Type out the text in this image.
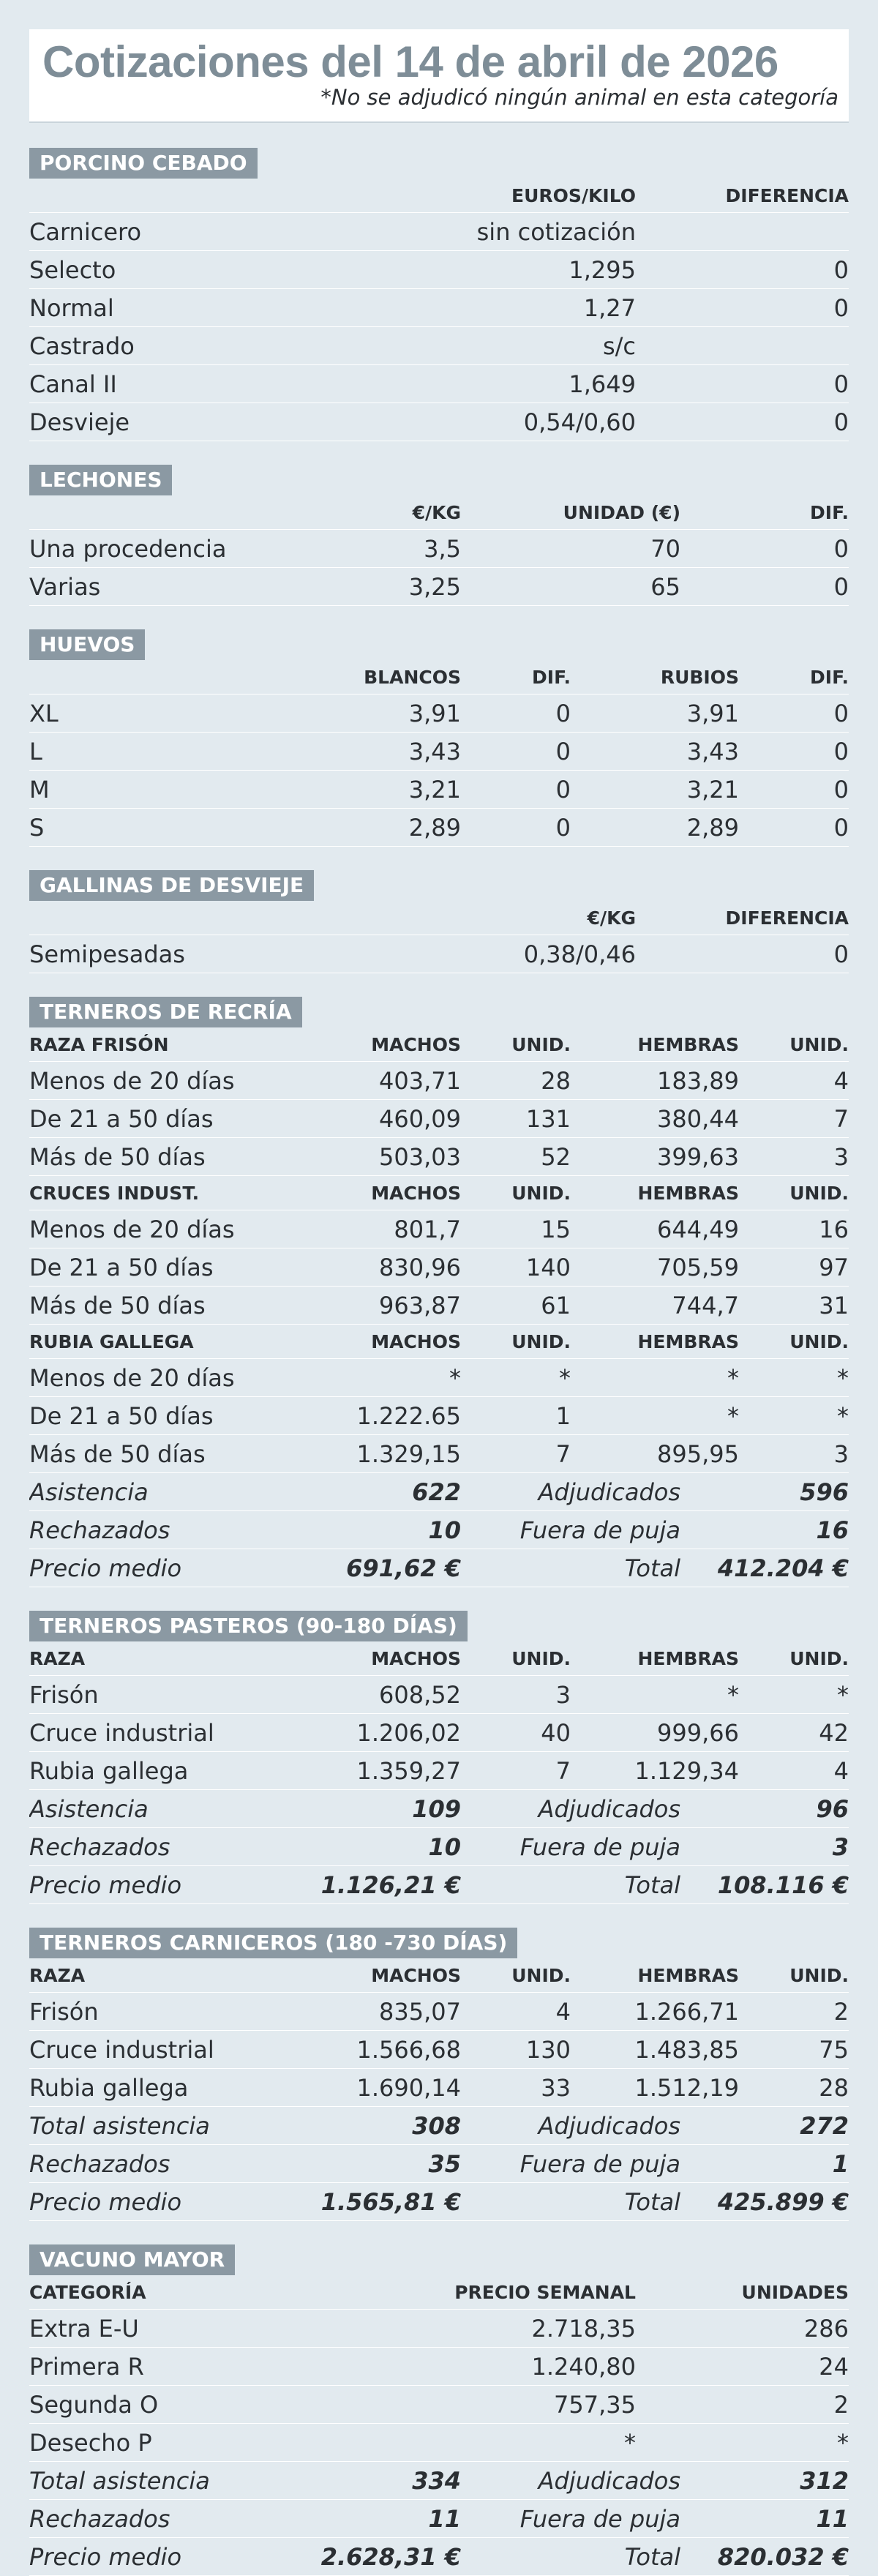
Cotizaciones del 14 de abril de 2026
*No se adjudicó ningún animal en esta categoría
PORCINO CEBADO
EUROS/KILO	DIFERENCIA
Carnicero	sin cotización
Selecto	1,295	0
Normal	1,27	0
Castrado	s/c
Canal II	1,649	0
Desvieje	0,54/0,60	0
LECHONES
€/KG	UNIDAD (€)	DIF.
Una procedencia	3,5	70	0
Varias	3,25	65	0
HUEVOS
BLANCOS	DIF.	RUBIOS	DIF.
XL	3,91	0	3,91	0
L	3,43	0	3,43	0
M	3,21	0	3,21	0
S	2,89	0	2,89	0
GALLINAS DE DESVIEJE
€/KG	DIFERENCIA
Semipesadas	0,38/0,46	0
TERNEROS DE RECRÍA
RAZA FRISÓN	MACHOS	UNID.	HEMBRAS	UNID.
Menos de 20 días	403,71	28	183,89	4
De 21 a 50 días	460,09	131	380,44	7
Más de 50 días	503,03	52	399,63	3
CRUCES INDUST.	MACHOS	UNID.	HEMBRAS	UNID.
Menos de 20 días	801,7	15	644,49	16
De 21 a 50 días	830,96	140	705,59	97
Más de 50 días	963,87	61	744,7	31
RUBIA GALLEGA	MACHOS	UNID.	HEMBRAS	UNID.
Menos de 20 días	*	*	*	*
De 21 a 50 días	1.222.65	1	*	*
Más de 50 días	1.329,15	7	895,95	3
Asistencia	622	Adjudicados	596
Rechazados	10	Fuera de puja	16
Precio medio	691,62 €	Total	412.204 €
TERNEROS PASTEROS (90-180 DÍAS)
RAZA	MACHOS	UNID.	HEMBRAS	UNID.
Frisón	608,52	3	*	*
Cruce industrial	1.206,02	40	999,66	42
Rubia gallega	1.359,27	7	1.129,34	4
Asistencia	109	Adjudicados	96
Rechazados	10	Fuera de puja	3
Precio medio	1.126,21 €	Total	108.116 €
TERNEROS CARNICEROS (180 -730 DÍAS)
RAZA	MACHOS	UNID.	HEMBRAS	UNID.
Frisón	835,07	4	1.266,71	2
Cruce industrial	1.566,68	130	1.483,85	75
Rubia gallega	1.690,14	33	1.512,19	28
Total asistencia	308	Adjudicados	272
Rechazados	35	Fuera de puja	1
Precio medio	1.565,81 €	Total	425.899 €
VACUNO MAYOR
CATEGORÍA	PRECIO SEMANAL	UNIDADES
Extra E-U	2.718,35	286
Primera R	1.240,80	24
Segunda O	757,35	2
Desecho P	*	*
Total asistencia	334	Adjudicados	312
Rechazados	11	Fuera de puja	11
Precio medio	2.628,31 €	Total	820.032 €
